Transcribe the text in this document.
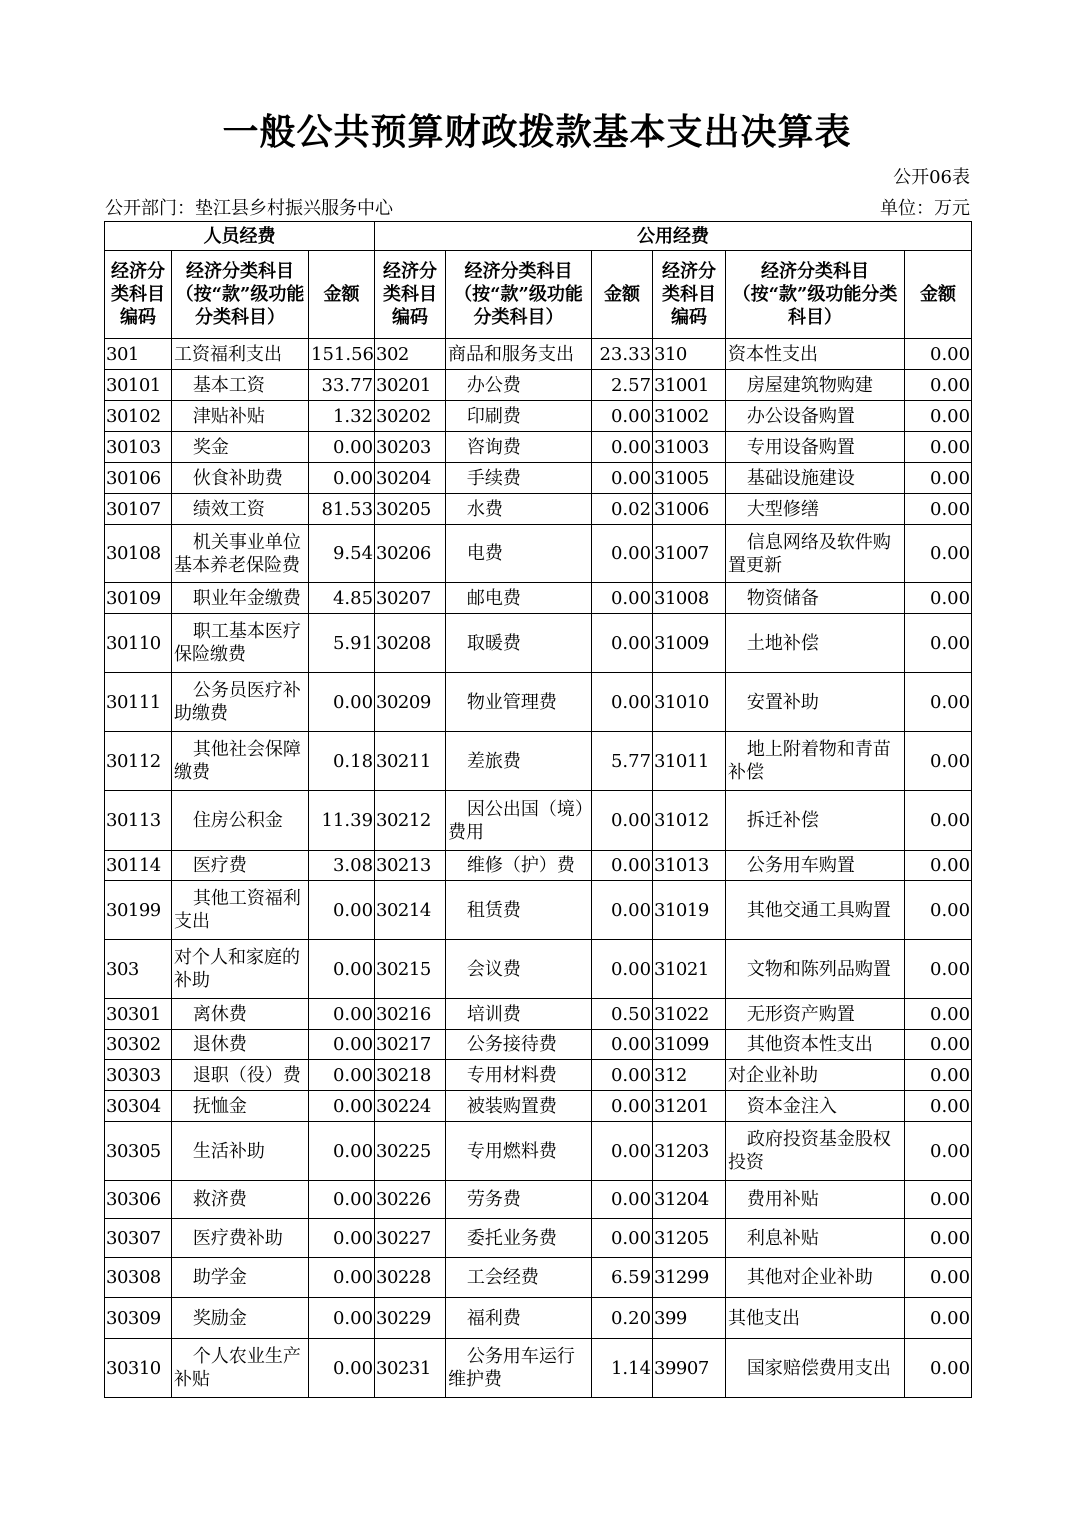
一般公共预算财政拨款基本支出决算表
公开06表
公开部门：垫江县乡村振兴服务中心	单位：万元
人员经费			公用经费					
经济分类科目编码	经济分类科目（按“款”级功能分类科目）	金额	经济分类科目编码	经济分类科目（按“款”级功能分类科目）	金额	经济分类科目编码	经济分类科目（按“款”级功能分类科目）	金额
301	工资福利支出	151.56	302	商品和服务支出	23.33	310	资本性支出	0.00
30101	基本工资	33.77	30201	办公费	2.57	31001	房屋建筑物购建	0.00
30102	津贴补贴	1.32	30202	印刷费	0.00	31002	办公设备购置	0.00
30103	奖金	0.00	30203	咨询费	0.00	31003	专用设备购置	0.00
30106	伙食补助费	0.00	30204	手续费	0.00	31005	基础设施建设	0.00
30107	绩效工资	81.53	30205	水费	0.02	31006	大型修缮	0.00
30108	机关事业单位基本养老保险费	9.54	30206	电费	0.00	31007	信息网络及软件购置更新	0.00
30109	职业年金缴费	4.85	30207	邮电费	0.00	31008	物资储备	0.00
30110	职工基本医疗保险缴费	5.91	30208	取暖费	0.00	31009	土地补偿	0.00
30111	公务员医疗补助缴费	0.00	30209	物业管理费	0.00	31010	安置补助	0.00
30112	其他社会保障缴费	0.18	30211	差旅费	5.77	31011	地上附着物和青苗补偿	0.00
30113	住房公积金	11.39	30212	因公出国（境）费用	0.00	31012	拆迁补偿	0.00
30114	医疗费	3.08	30213	维修（护）费	0.00	31013	公务用车购置	0.00
30199	其他工资福利支出	0.00	30214	租赁费	0.00	31019	其他交通工具购置	0.00
303	对个人和家庭的补助	0.00	30215	会议费	0.00	31021	文物和陈列品购置	0.00
30301	离休费	0.00	30216	培训费	0.50	31022	无形资产购置	0.00
30302	退休费	0.00	30217	公务接待费	0.00	31099	其他资本性支出	0.00
30303	退职（役）费	0.00	30218	专用材料费	0.00	312	对企业补助	0.00
30304	抚恤金	0.00	30224	被装购置费	0.00	31201	资本金注入	0.00
30305	生活补助	0.00	30225	专用燃料费	0.00	31203	政府投资基金股权投资	0.00
30306	救济费	0.00	30226	劳务费	0.00	31204	费用补贴	0.00
30307	医疗费补助	0.00	30227	委托业务费	0.00	31205	利息补贴	0.00
30308	助学金	0.00	30228	工会经费	6.59	31299	其他对企业补助	0.00
30309	奖励金	0.00	30229	福利费	0.20	399	其他支出	0.00
30310	个人农业生产补贴	0.00	30231	公务用车运行维护费	1.14	39907	国家赔偿费用支出	0.00
